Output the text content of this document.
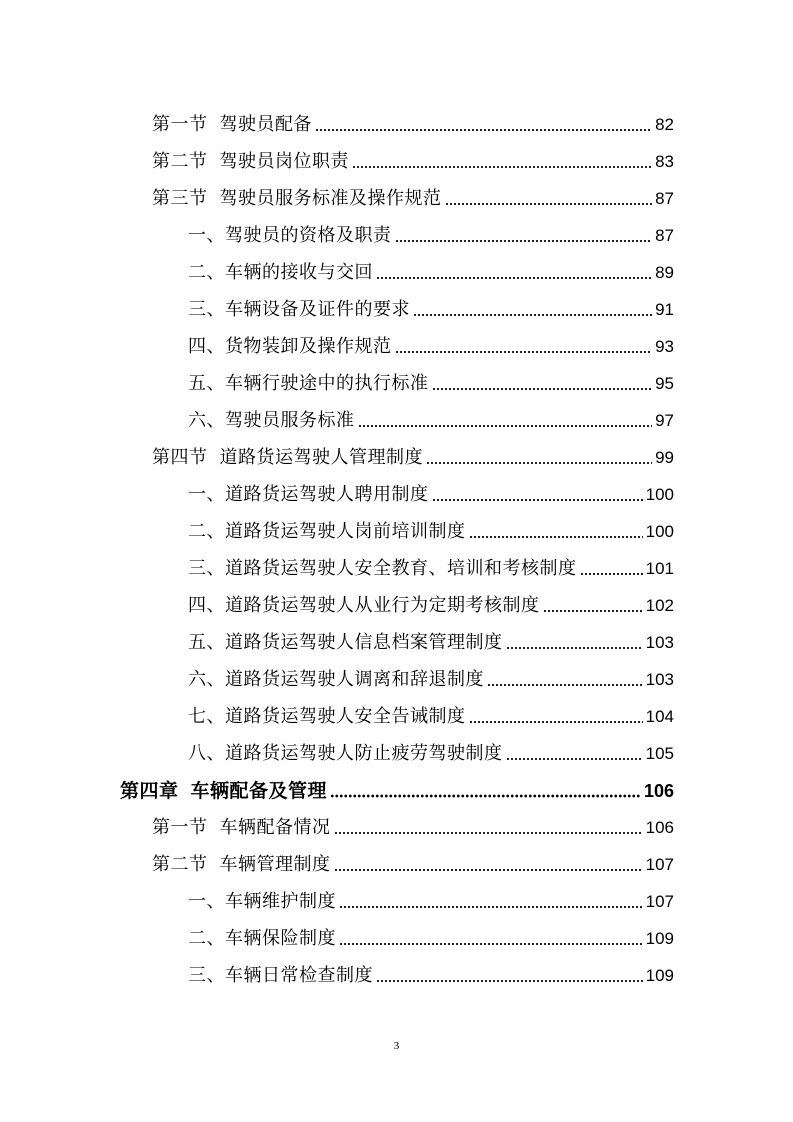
第一节 驾驶员配备	82
第二节 驾驶员岗位职责	83
第三节 驾驶员服务标准及操作规范	87
一、驾驶员的资格及职责	87
二、车辆的接收与交回	89
三、车辆设备及证件的要求	91
四、货物装卸及操作规范	93
五、车辆行驶途中的执行标准	95
六、驾驶员服务标准	97
第四节 道路货运驾驶人管理制度	99
一、道路货运驾驶人聘用制度	100
二、道路货运驾驶人岗前培训制度	100
三、道路货运驾驶人安全教育、培训和考核制度	101
四、道路货运驾驶人从业行为定期考核制度	102
五、道路货运驾驶人信息档案管理制度	103
六、道路货运驾驶人调离和辞退制度	103
七、道路货运驾驶人安全告诫制度	104
八、道路货运驾驶人防止疲劳驾驶制度	105
第四章 车辆配备及管理	106
第一节 车辆配备情况	106
第二节 车辆管理制度	107
一、车辆维护制度	107
二、车辆保险制度	109
三、车辆日常检查制度	109
3
